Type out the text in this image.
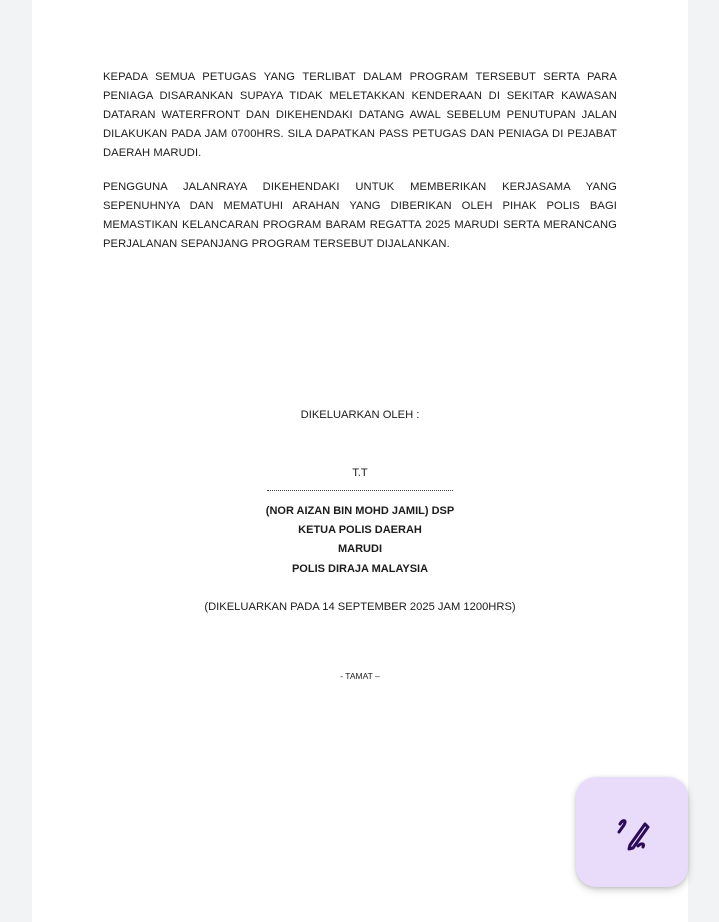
KEPADA SEMUA PETUGAS YANG TERLIBAT DALAM PROGRAM TERSEBUT SERTA PARA PENIAGA DISARANKAN SUPAYA TIDAK MELETAKKAN KENDERAAN DI SEKITAR KAWASAN DATARAN WATERFRONT DAN DIKEHENDAKI DATANG AWAL SEBELUM PENUTUPAN JALAN DILAKUKAN PADA JAM 0700HRS. SILA DAPATKAN PASS PETUGAS DAN PENIAGA DI PEJABAT DAERAH MARUDI.

PENGGUNA JALANRAYA DIKEHENDAKI UNTUK MEMBERIKAN KERJASAMA YANG SEPENUHNYA DAN MEMATUHI ARAHAN YANG DIBERIKAN OLEH PIHAK POLIS BAGI MEMASTIKAN KELANCARAN PROGRAM BARAM REGATTA 2025 MARUDI SERTA MERANCANG PERJALANAN SEPANJANG PROGRAM TERSEBUT DIJALANKAN.

DIKELUARKAN OLEH :

T.T

(NOR AIZAN BIN MOHD JAMIL) DSP

KETUA POLIS DAERAH

MARUDI

POLIS DIRAJA MALAYSIA

(DIKELUARKAN PADA 14 SEPTEMBER 2025 JAM 1200HRS)

- TAMAT –
